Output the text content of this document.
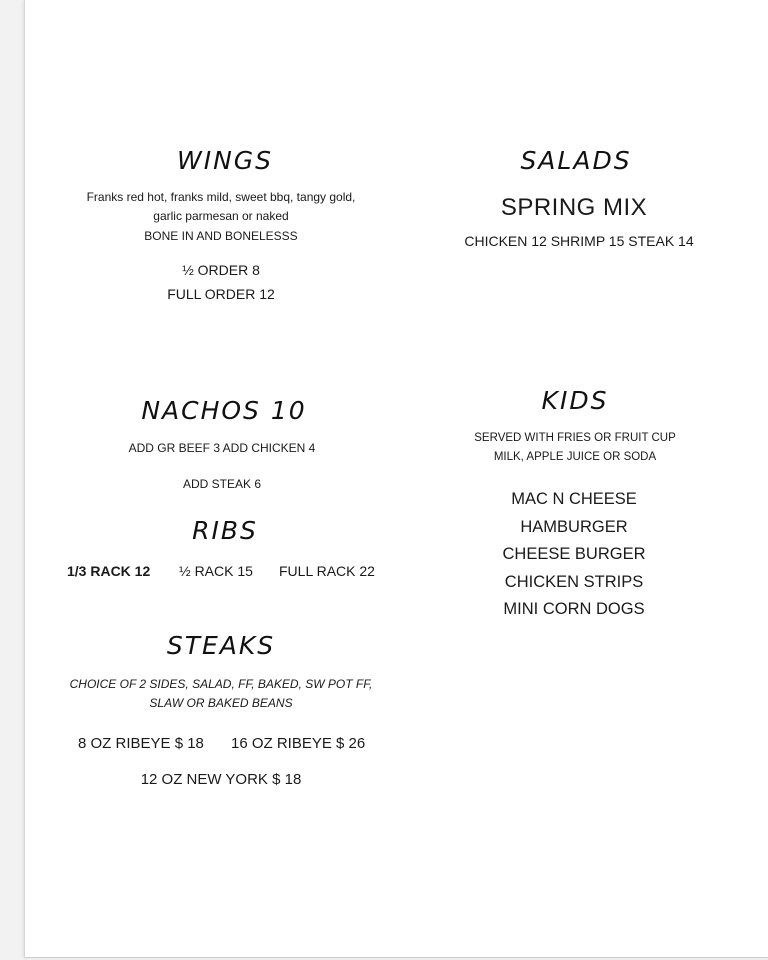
WINGS
Franks red hot, franks mild, sweet bbq, tangy gold,
garlic parmesan or naked
BONE IN AND BONELESSS
½ ORDER 8
FULL ORDER 12
SALADS
SPRING MIX
CHICKEN 12 SHRIMP 15 STEAK 14
NACHOS 10
ADD GR BEEF 3 ADD CHICKEN 4
ADD STEAK 6
KIDS
SERVED WITH FRIES OR FRUIT CUP
MILK, APPLE JUICE OR SODA
MAC N CHEESE
HAMBURGER
CHEESE BURGER
CHICKEN STRIPS
MINI CORN DOGS
RIBS
1/3 RACK 12 ½ RACK 15 FULL RACK 22
STEAKS
CHOICE OF 2 SIDES, SALAD, FF, BAKED, SW POT FF,
SLAW OR BAKED BEANS
8 OZ RIBEYE $ 18 16 OZ RIBEYE $ 26
12 OZ NEW YORK $ 18
